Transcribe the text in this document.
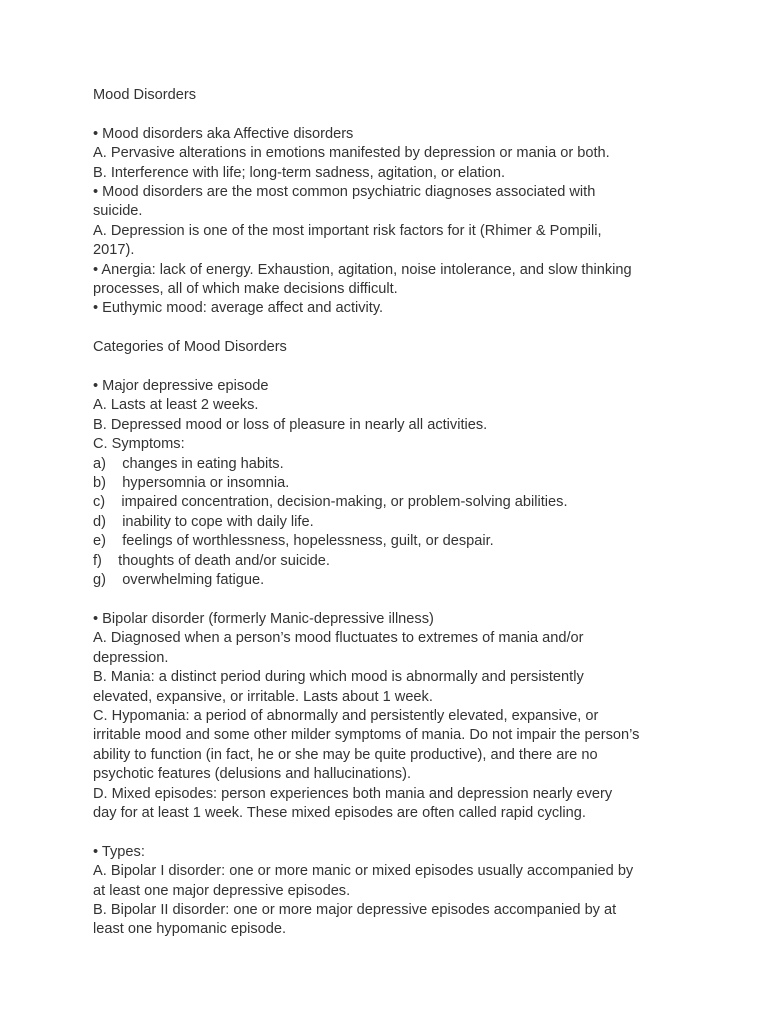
Mood Disorders

• Mood disorders aka Affective disorders

A. Pervasive alterations in emotions manifested by depression or mania or both.

B. Interference with life; long-term sadness, agitation, or elation.

• Mood disorders are the most common psychiatric diagnoses associated with

suicide.

A. Depression is one of the most important risk factors for it (Rhimer & Pompili,

2017).

• Anergia: lack of energy. Exhaustion, agitation, noise intolerance, and slow thinking

processes, all of which make decisions difficult.

• Euthymic mood: average affect and activity.

Categories of Mood Disorders

• Major depressive episode

A. Lasts at least 2 weeks.

B. Depressed mood or loss of pleasure in nearly all activities.

C. Symptoms:

a)    changes in eating habits.

b)    hypersomnia or insomnia.

c)    impaired concentration, decision-making, or problem-solving abilities.

d)    inability to cope with daily life.

e)    feelings of worthlessness, hopelessness, guilt, or despair.

f)    thoughts of death and/or suicide.

g)    overwhelming fatigue.

• Bipolar disorder (formerly Manic-depressive illness)

A. Diagnosed when a person’s mood fluctuates to extremes of mania and/or

depression.

B. Mania: a distinct period during which mood is abnormally and persistently

elevated, expansive, or irritable. Lasts about 1 week.

C. Hypomania: a period of abnormally and persistently elevated, expansive, or

irritable mood and some other milder symptoms of mania. Do not impair the person’s

ability to function (in fact, he or she may be quite productive), and there are no

psychotic features (delusions and hallucinations).

D. Mixed episodes: person experiences both mania and depression nearly every

day for at least 1 week. These mixed episodes are often called rapid cycling.

• Types:

A. Bipolar I disorder: one or more manic or mixed episodes usually accompanied by

at least one major depressive episodes.

B. Bipolar II disorder: one or more major depressive episodes accompanied by at

least one hypomanic episode.
